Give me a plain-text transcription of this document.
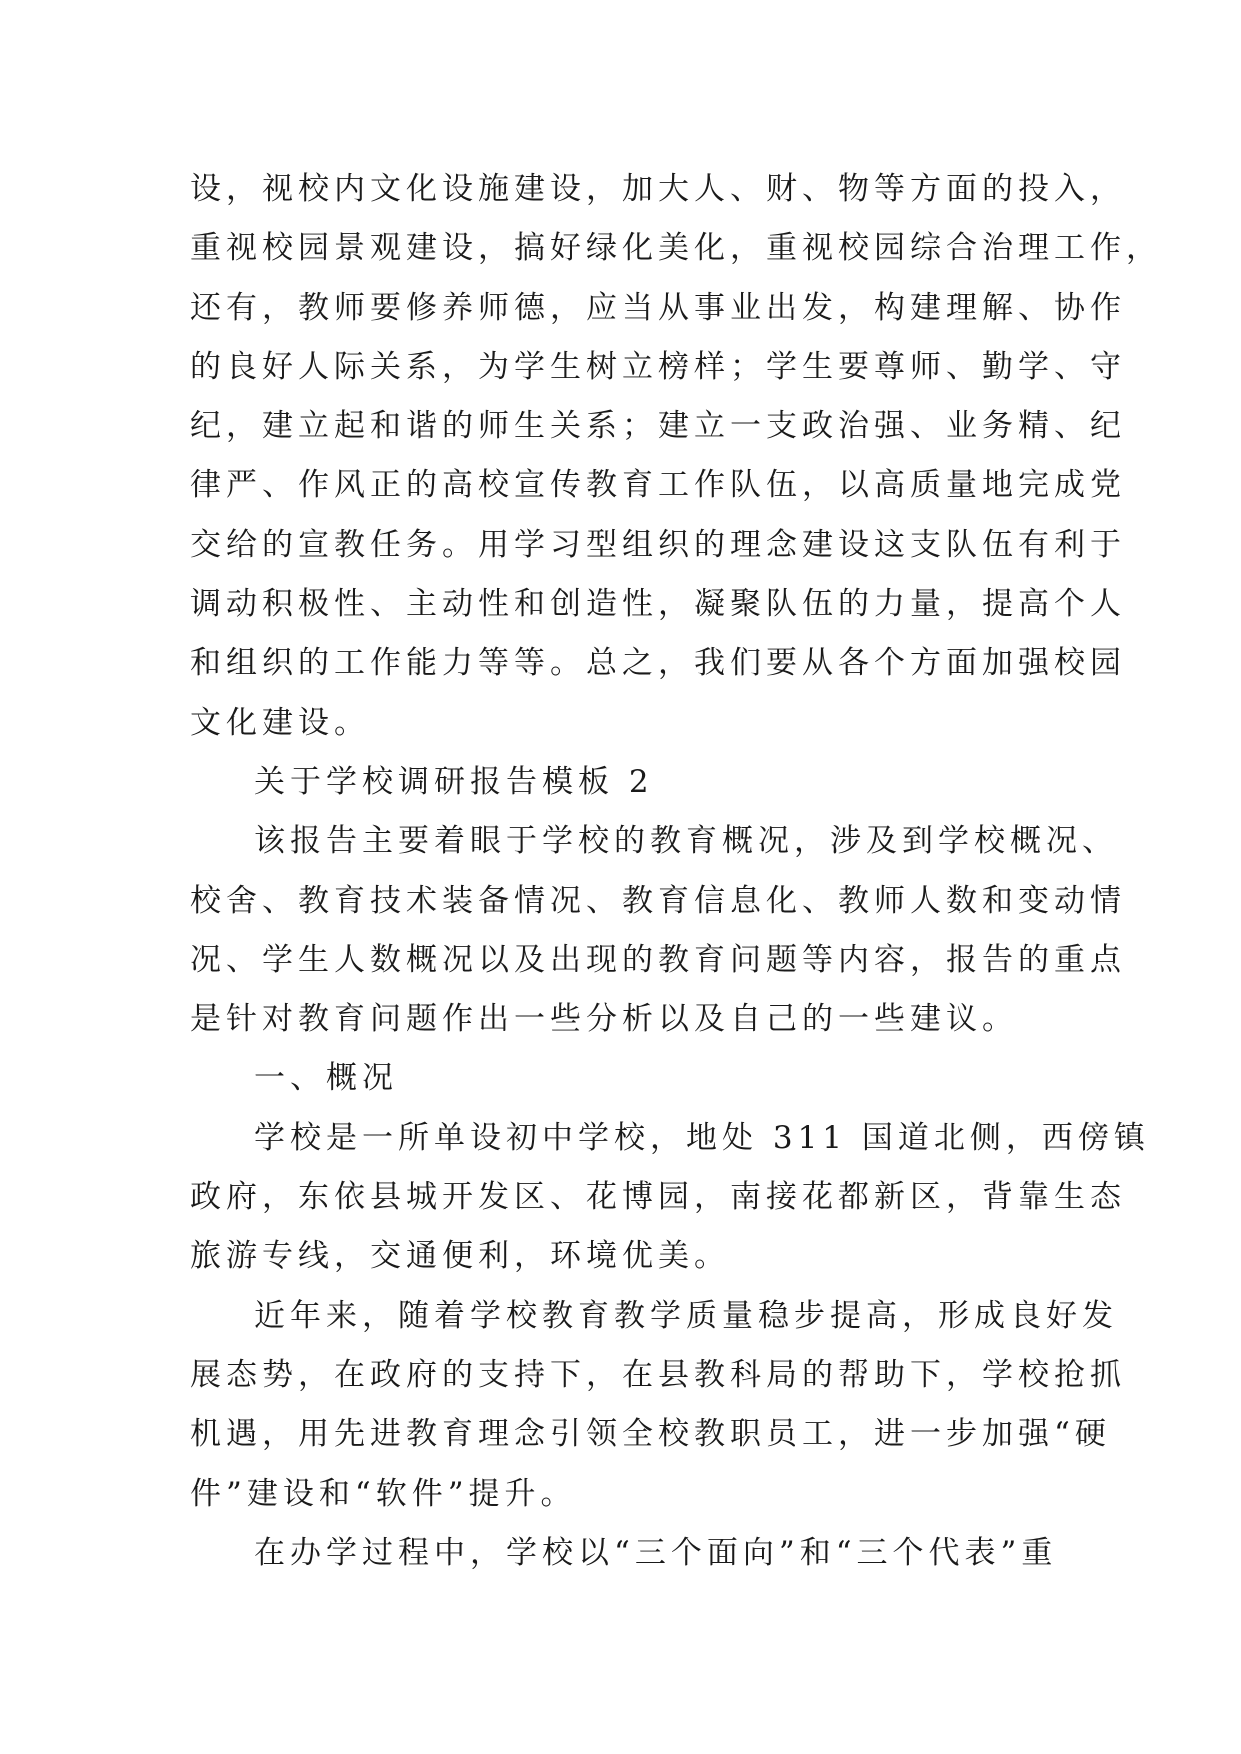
设，视校内文化设施建设，加大人、财、物等方面的投入，
重视校园景观建设，搞好绿化美化，重视校园综合治理工作，
还有，教师要修养师德，应当从事业出发，构建理解、协作
的良好人际关系，为学生树立榜样；学生要尊师、勤学、守
纪，建立起和谐的师生关系；建立一支政治强、业务精、纪
律严、作风正的高校宣传教育工作队伍，以高质量地完成党
交给的宣教任务。用学习型组织的理念建设这支队伍有利于
调动积极性、主动性和创造性，凝聚队伍的力量，提高个人
和组织的工作能力等等。总之，我们要从各个方面加强校园
文化建设。
关于学校调研报告模板 2
该报告主要着眼于学校的教育概况，涉及到学校概况、
校舍、教育技术装备情况、教育信息化、教师人数和变动情
况、学生人数概况以及出现的教育问题等内容，报告的重点
是针对教育问题作出一些分析以及自己的一些建议。
一、概况
学校是一所单设初中学校，地处 311 国道北侧，西傍镇
政府，东依县城开发区、花博园，南接花都新区，背靠生态
旅游专线，交通便利，环境优美。
近年来，随着学校教育教学质量稳步提高，形成良好发
展态势，在政府的支持下，在县教科局的帮助下，学校抢抓
机遇，用先进教育理念引领全校教职员工，进一步加强“硬
件”建设和“软件”提升。
在办学过程中，学校以“三个面向”和“三个代表”重
